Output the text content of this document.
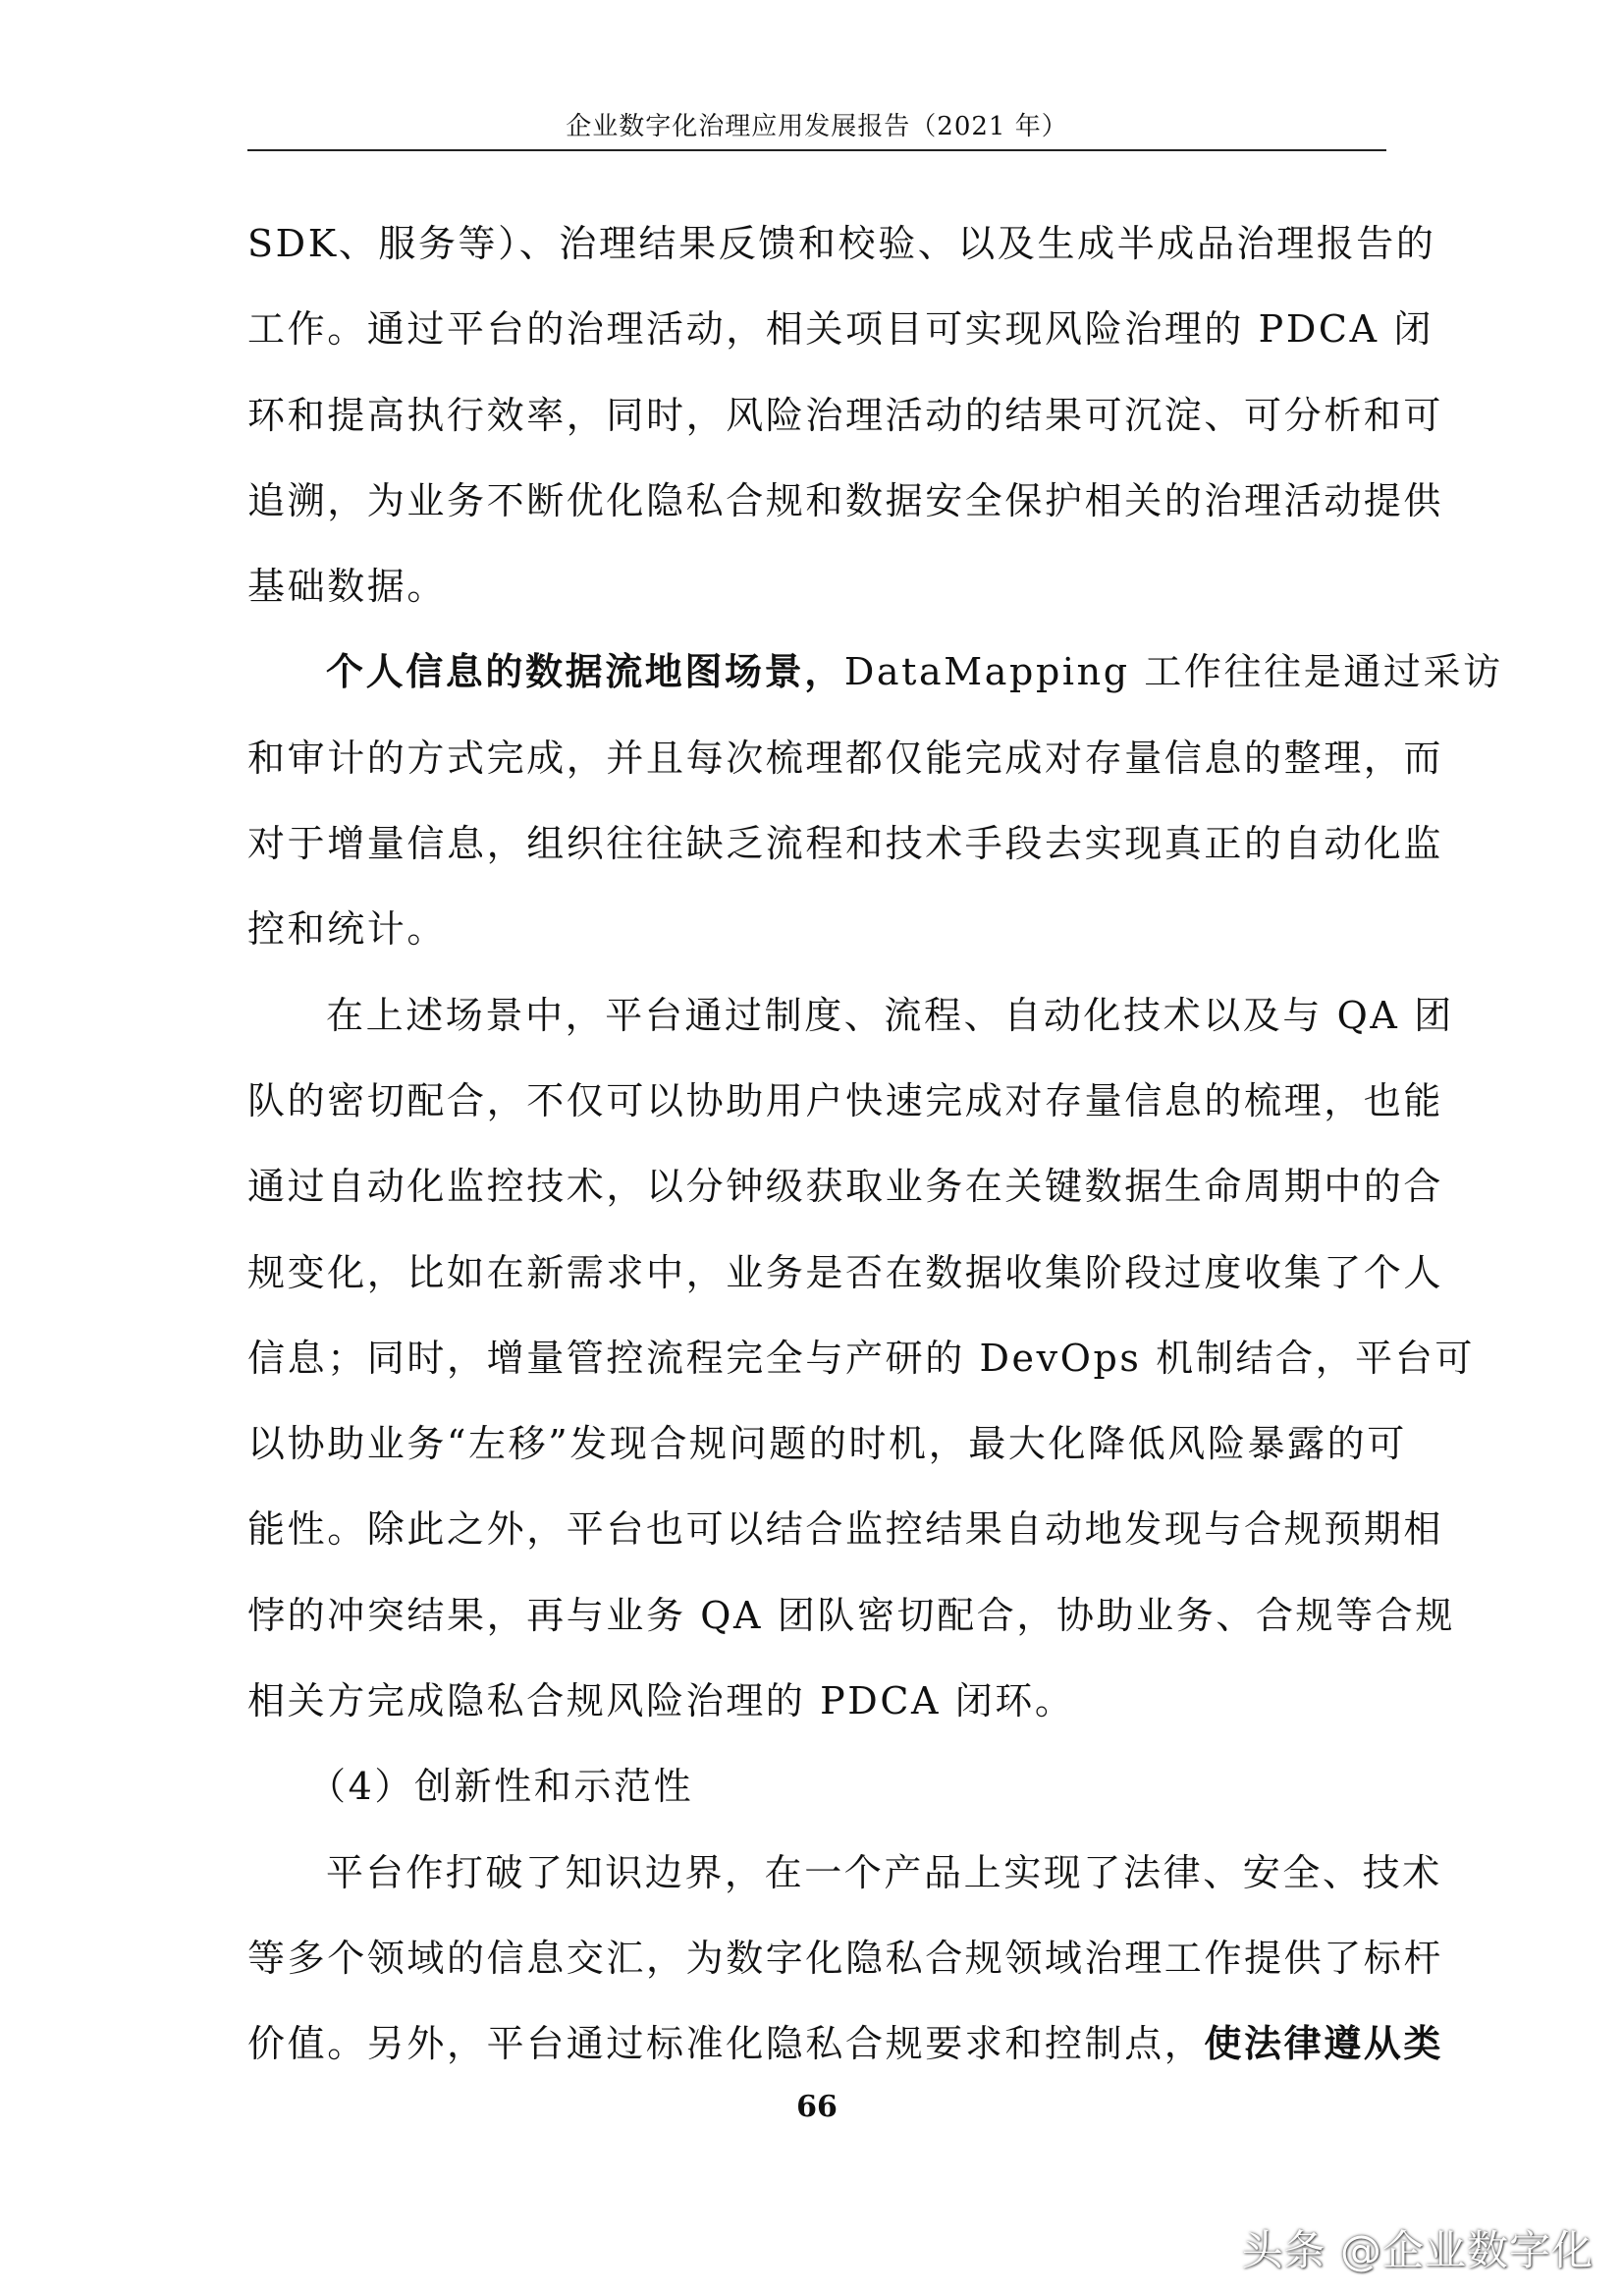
企业数字化治理应用发展报告（2021 年）
SDK、服务等）、治理结果反馈和校验、以及生成半成品治理报告的
工作。通过平台的治理活动，相关项目可实现风险治理的 PDCA 闭
环和提高执行效率，同时，风险治理活动的结果可沉淀、可分析和可
追溯，为业务不断优化隐私合规和数据安全保护相关的治理活动提供
基础数据。
个人信息的数据流地图场景，DataMapping 工作往往是通过采访
和审计的方式完成，并且每次梳理都仅能完成对存量信息的整理，而
对于增量信息，组织往往缺乏流程和技术手段去实现真正的自动化监
控和统计。
在上述场景中，平台通过制度、流程、自动化技术以及与 QA 团
队的密切配合，不仅可以协助用户快速完成对存量信息的梳理，也能
通过自动化监控技术，以分钟级获取业务在关键数据生命周期中的合
规变化，比如在新需求中，业务是否在数据收集阶段过度收集了个人
信息；同时，增量管控流程完全与产研的 DevOps 机制结合，平台可
以协助业务“左移”发现合规问题的时机，最大化降低风险暴露的可
能性。除此之外，平台也可以结合监控结果自动地发现与合规预期相
悖的冲突结果，再与业务 QA 团队密切配合，协助业务、合规等合规
相关方完成隐私合规风险治理的 PDCA 闭环。
（4）创新性和示范性
平台作打破了知识边界，在一个产品上实现了法律、安全、技术
等多个领域的信息交汇，为数字化隐私合规领域治理工作提供了标杆
价值。另外，平台通过标准化隐私合规要求和控制点，使法律遵从类
66
头条 @企业数字化
